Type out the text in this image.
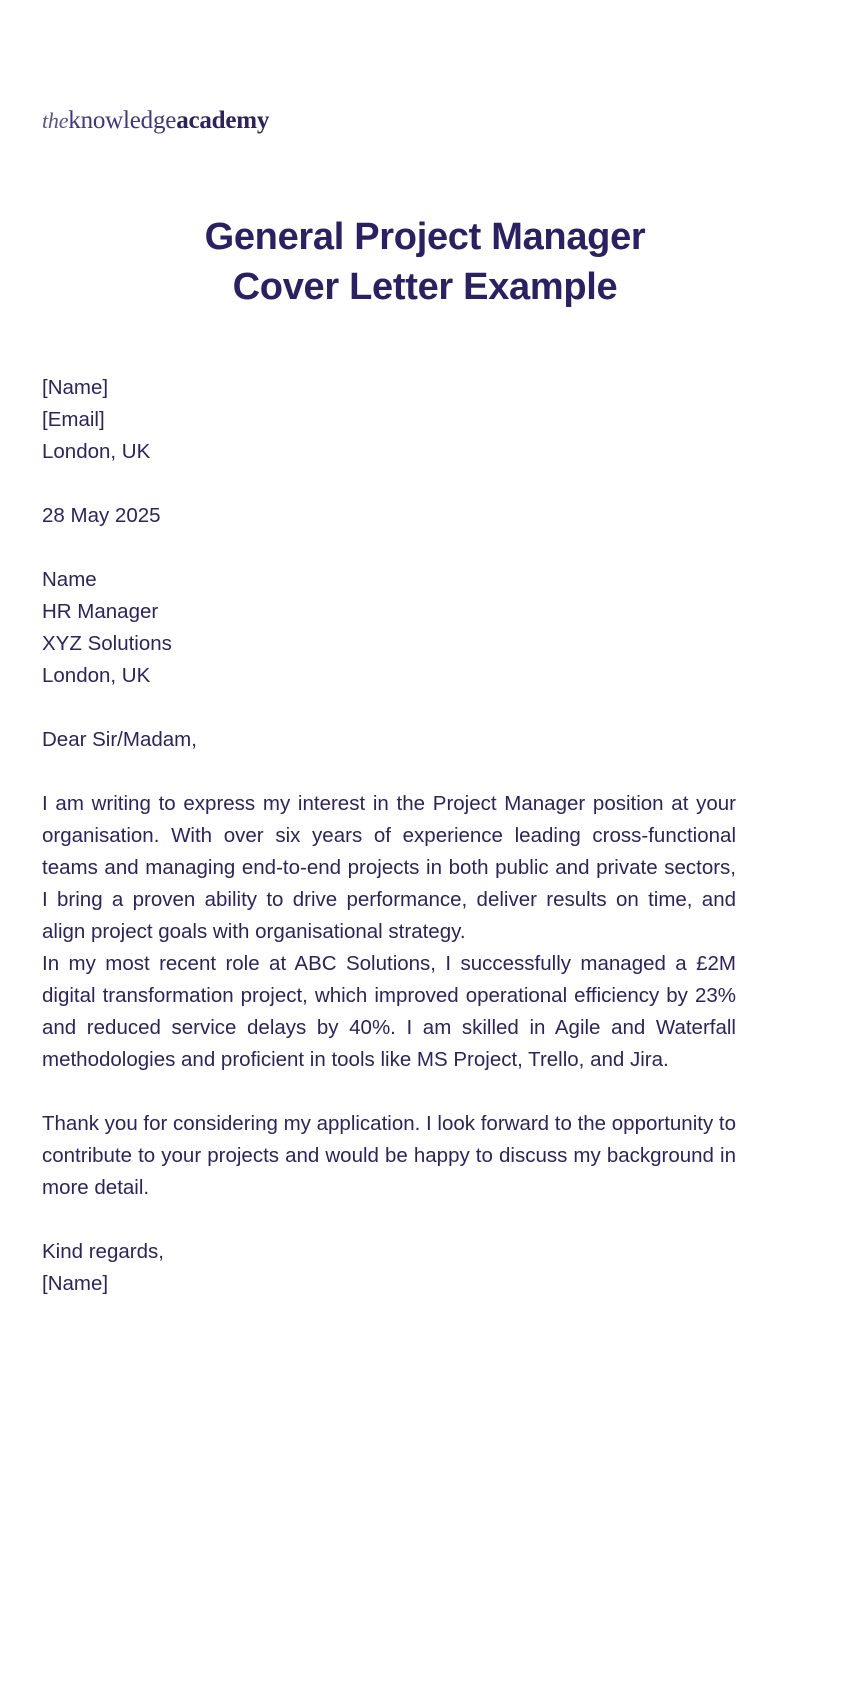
theknowledgeacademy
General Project Manager
Cover Letter Example
[Name]
[Email]
London, UK
28 May 2025
Name
HR Manager
XYZ Solutions
London, UK
Dear Sir/Madam,

I am writing to express my interest in the Project Manager position at your organisation. With over six years of experience leading cross-functional teams and managing end-to-end projects in both public and private sectors, I bring a proven ability to drive performance, deliver results on time, and align project goals with organisational strategy.

In my most recent role at ABC Solutions, I successfully managed a £2M digital transformation project, which improved operational efficiency by 23% and reduced service delays by 40%. I am skilled in Agile and Waterfall methodologies and proficient in tools like MS Project, Trello, and Jira.

Thank you for considering my application. I look forward to the opportunity to contribute to your projects and would be happy to discuss my background in more detail.

Kind regards,
[Name]
